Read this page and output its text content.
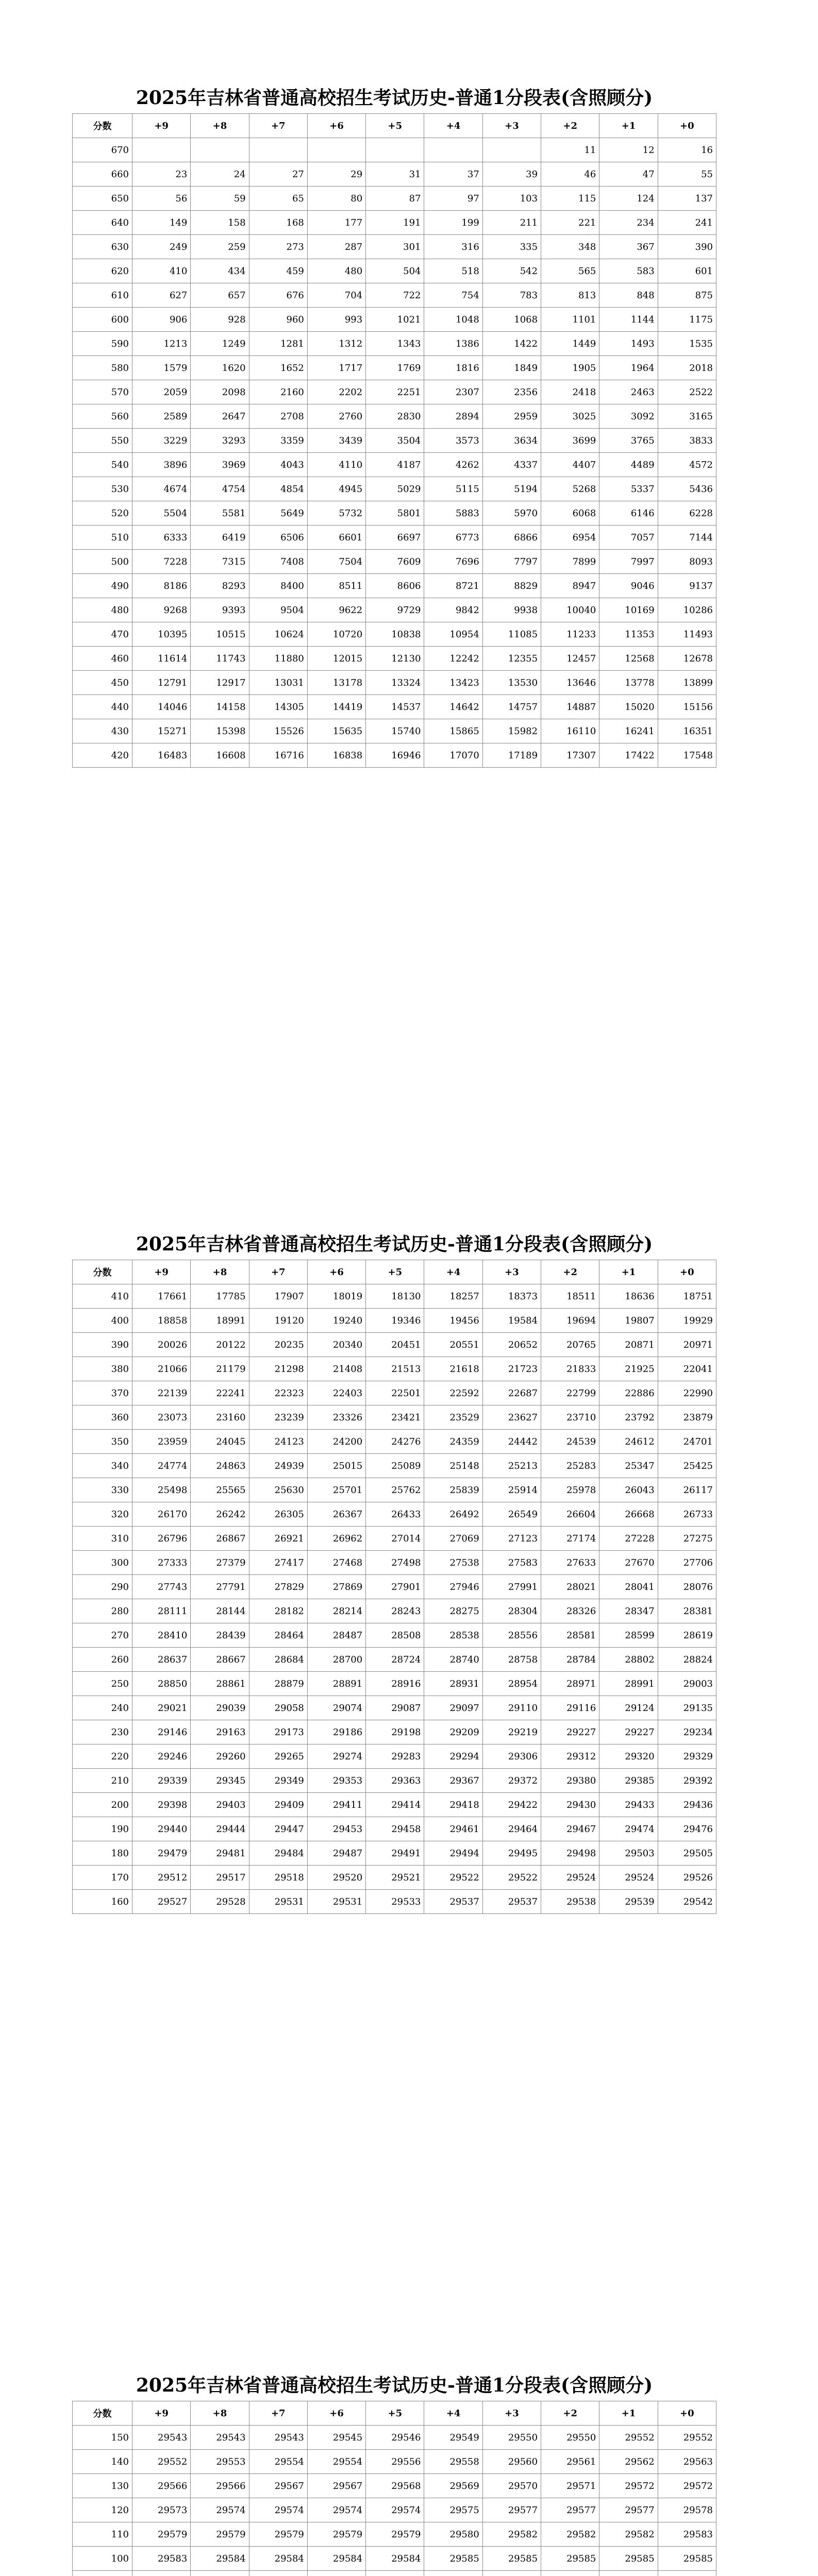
2025年吉林省普通高校招生考试历史-普通1分段表(含照顾分)
分数	+9	+8	+7	+6	+5	+4	+3	+2	+1	+0
670								11	12	16
660	23	24	27	29	31	37	39	46	47	55
650	56	59	65	80	87	97	103	115	124	137
640	149	158	168	177	191	199	211	221	234	241
630	249	259	273	287	301	316	335	348	367	390
620	410	434	459	480	504	518	542	565	583	601
610	627	657	676	704	722	754	783	813	848	875
600	906	928	960	993	1021	1048	1068	1101	1144	1175
590	1213	1249	1281	1312	1343	1386	1422	1449	1493	1535
580	1579	1620	1652	1717	1769	1816	1849	1905	1964	2018
570	2059	2098	2160	2202	2251	2307	2356	2418	2463	2522
560	2589	2647	2708	2760	2830	2894	2959	3025	3092	3165
550	3229	3293	3359	3439	3504	3573	3634	3699	3765	3833
540	3896	3969	4043	4110	4187	4262	4337	4407	4489	4572
530	4674	4754	4854	4945	5029	5115	5194	5268	5337	5436
520	5504	5581	5649	5732	5801	5883	5970	6068	6146	6228
510	6333	6419	6506	6601	6697	6773	6866	6954	7057	7144
500	7228	7315	7408	7504	7609	7696	7797	7899	7997	8093
490	8186	8293	8400	8511	8606	8721	8829	8947	9046	9137
480	9268	9393	9504	9622	9729	9842	9938	10040	10169	10286
470	10395	10515	10624	10720	10838	10954	11085	11233	11353	11493
460	11614	11743	11880	12015	12130	12242	12355	12457	12568	12678
450	12791	12917	13031	13178	13324	13423	13530	13646	13778	13899
440	14046	14158	14305	14419	14537	14642	14757	14887	15020	15156
430	15271	15398	15526	15635	15740	15865	15982	16110	16241	16351
420	16483	16608	16716	16838	16946	17070	17189	17307	17422	17548
2025年吉林省普通高校招生考试历史-普通1分段表(含照顾分)
分数	+9	+8	+7	+6	+5	+4	+3	+2	+1	+0
410	17661	17785	17907	18019	18130	18257	18373	18511	18636	18751
400	18858	18991	19120	19240	19346	19456	19584	19694	19807	19929
390	20026	20122	20235	20340	20451	20551	20652	20765	20871	20971
380	21066	21179	21298	21408	21513	21618	21723	21833	21925	22041
370	22139	22241	22323	22403	22501	22592	22687	22799	22886	22990
360	23073	23160	23239	23326	23421	23529	23627	23710	23792	23879
350	23959	24045	24123	24200	24276	24359	24442	24539	24612	24701
340	24774	24863	24939	25015	25089	25148	25213	25283	25347	25425
330	25498	25565	25630	25701	25762	25839	25914	25978	26043	26117
320	26170	26242	26305	26367	26433	26492	26549	26604	26668	26733
310	26796	26867	26921	26962	27014	27069	27123	27174	27228	27275
300	27333	27379	27417	27468	27498	27538	27583	27633	27670	27706
290	27743	27791	27829	27869	27901	27946	27991	28021	28041	28076
280	28111	28144	28182	28214	28243	28275	28304	28326	28347	28381
270	28410	28439	28464	28487	28508	28538	28556	28581	28599	28619
260	28637	28667	28684	28700	28724	28740	28758	28784	28802	28824
250	28850	28861	28879	28891	28916	28931	28954	28971	28991	29003
240	29021	29039	29058	29074	29087	29097	29110	29116	29124	29135
230	29146	29163	29173	29186	29198	29209	29219	29227	29227	29234
220	29246	29260	29265	29274	29283	29294	29306	29312	29320	29329
210	29339	29345	29349	29353	29363	29367	29372	29380	29385	29392
200	29398	29403	29409	29411	29414	29418	29422	29430	29433	29436
190	29440	29444	29447	29453	29458	29461	29464	29467	29474	29476
180	29479	29481	29484	29487	29491	29494	29495	29498	29503	29505
170	29512	29517	29518	29520	29521	29522	29522	29524	29524	29526
160	29527	29528	29531	29531	29533	29537	29537	29538	29539	29542
2025年吉林省普通高校招生考试历史-普通1分段表(含照顾分)
分数	+9	+8	+7	+6	+5	+4	+3	+2	+1	+0
150	29543	29543	29543	29545	29546	29549	29550	29550	29552	29552
140	29552	29553	29554	29554	29556	29558	29560	29561	29562	29563
130	29566	29566	29567	29567	29568	29569	29570	29571	29572	29572
120	29573	29574	29574	29574	29574	29575	29577	29577	29577	29578
110	29579	29579	29579	29579	29579	29580	29582	29582	29582	29583
100	29583	29584	29584	29584	29584	29585	29585	29585	29585	29585
